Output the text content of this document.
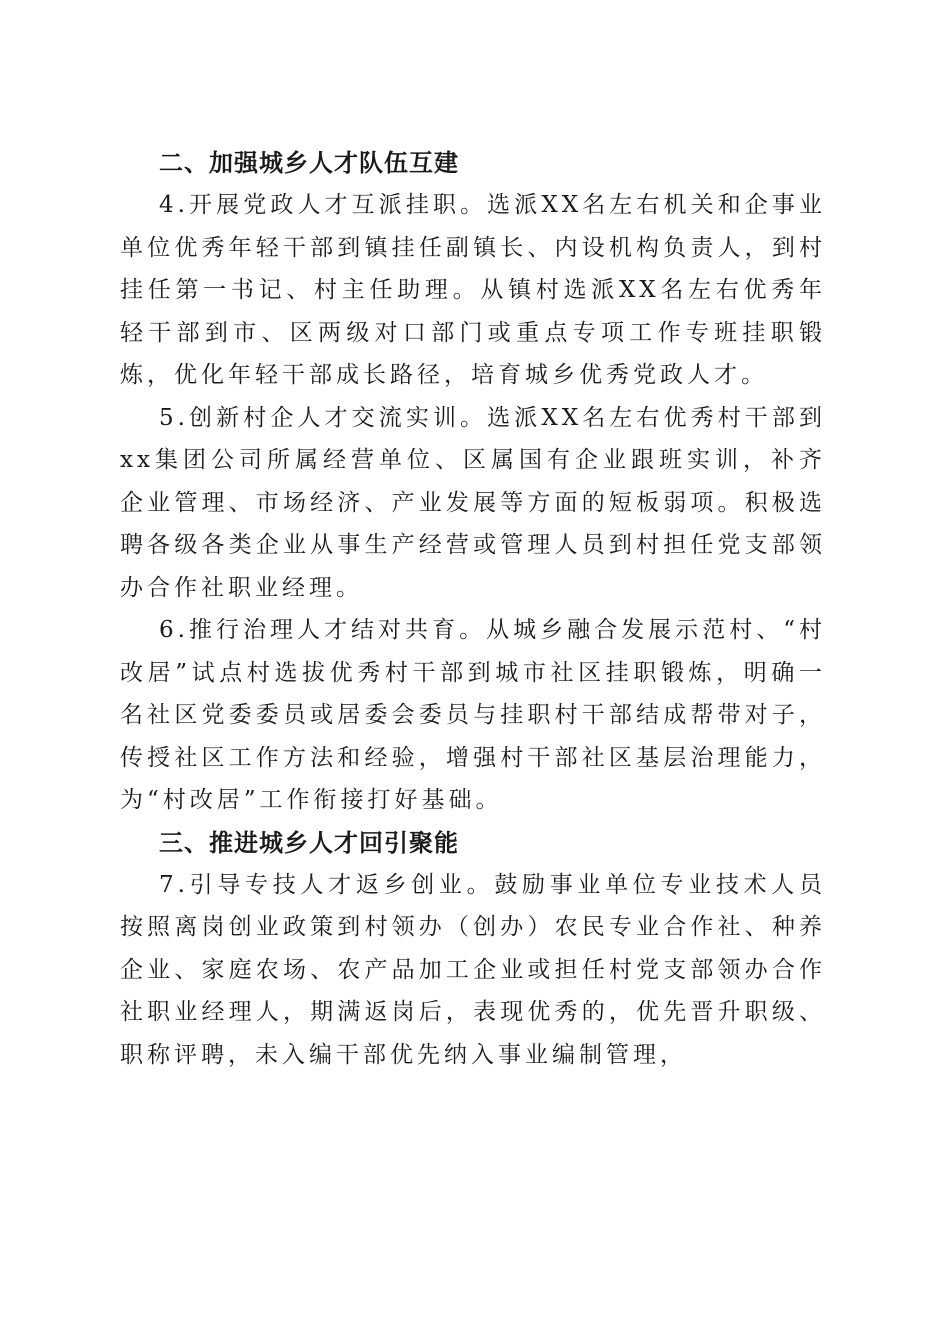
二、加强城乡人才队伍互建

4.开展党政人才互派挂职。选派XX名左右机关和企事业单位优秀年轻干部到镇挂任副镇长、内设机构负责人，到村挂任第一书记、村主任助理。从镇村选派XX名左右优秀年轻干部到市、区两级对口部门或重点专项工作专班挂职锻炼，优化年轻干部成长路径，培育城乡优秀党政人才。

5.创新村企人才交流实训。选派XX名左右优秀村干部到xx集团公司所属经营单位、区属国有企业跟班实训，补齐企业管理、市场经济、产业发展等方面的短板弱项。积极选聘各级各类企业从事生产经营或管理人员到村担任党支部领办合作社职业经理。

6.推行治理人才结对共育。从城乡融合发展示范村、“村改居”试点村选拔优秀村干部到城市社区挂职锻炼，明确一名社区党委委员或居委会委员与挂职村干部结成帮带对子，传授社区工作方法和经验，增强村干部社区基层治理能力，为“村改居”工作衔接打好基础。

三、推进城乡人才回引聚能

7.引导专技人才返乡创业。鼓励事业单位专业技术人员按照离岗创业政策到村领办（创办）农民专业合作社、种养企业、家庭农场、农产品加工企业或担任村党支部领办合作社职业经理人，期满返岗后，表现优秀的，优先晋升职级、职称评聘，未入编干部优先纳入事业编制管理，
